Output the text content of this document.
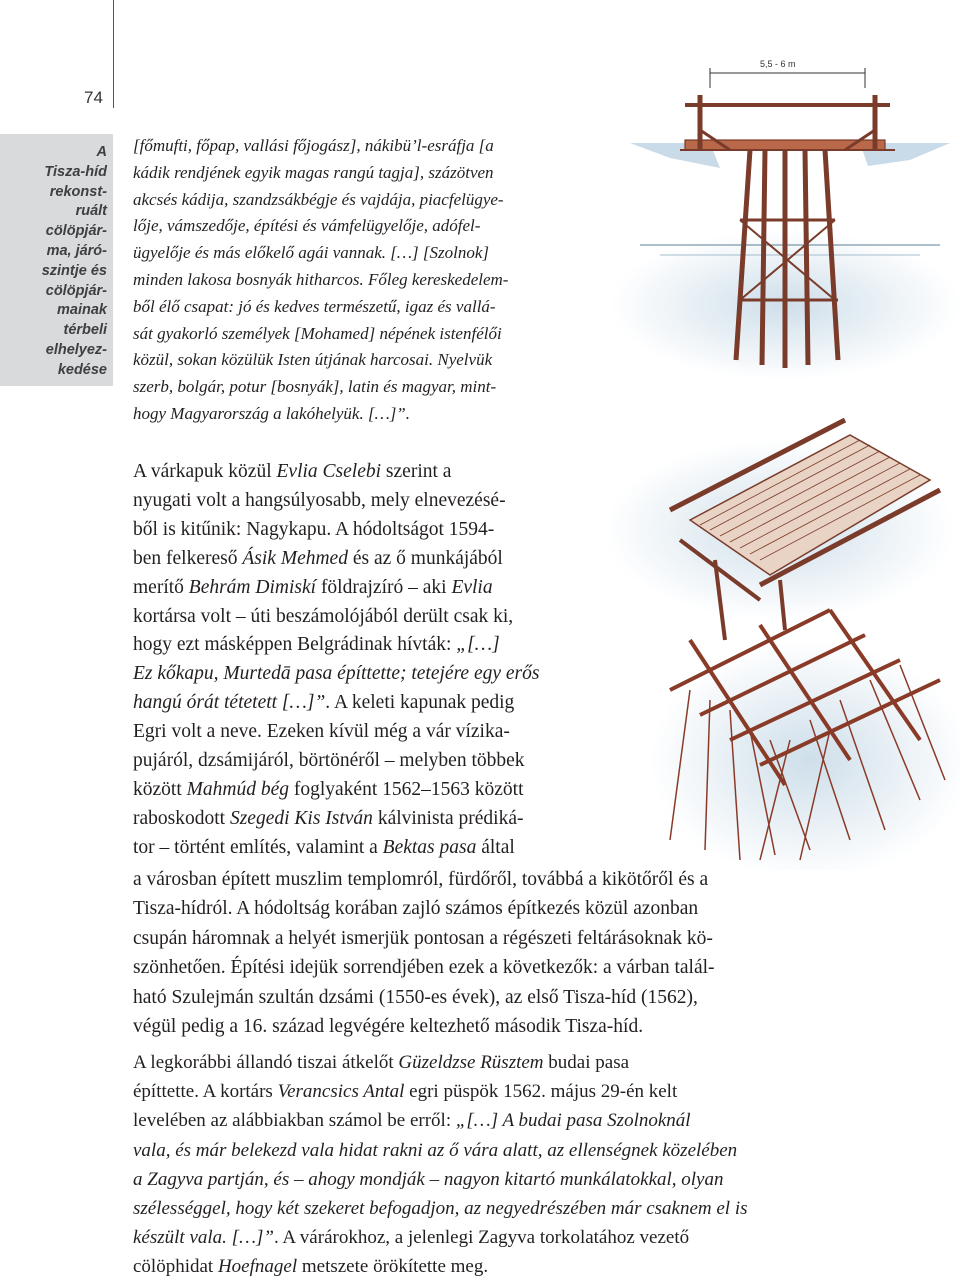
74
A
Tisza-híd
rekonst-
ruált
cölöpjár-
ma, járó-
szintje és
cölöpjár-
mainak
térbeli
elhelyez-
kedése
5,5 - 6 m
[főmufti, főpap, vallási főjogász], nákibü’l-esráfja [a
kádik rendjének egyik magas rangú tagja], százötven
akcsés kádija, szandzsákbégje és vajdája, piacfelügye-
lője, vámszedője, építési és vámfelügyelője, adófel-
ügyelője és más előkelő agái vannak. […] [Szolnok]
minden lakosa bosnyák hitharcos. Főleg kereskedelem-
ből élő csapat: jó és kedves természetű, igaz és vallá-
sát gyakorló személyek [Mohamed] népének istenfélői
közül, sokan közülük Isten útjának harcosai. Nyelvük
szerb, bolgár, potur [bosnyák], latin és magyar, mint-
hogy Magyarország a lakóhelyük. […]”.

A várkapuk közül Evlia Cselebi szerint a
nyugati volt a hangsúlyosabb, mely elnevezésé-
ből is kitűnik: Nagykapu. A hódoltságot 1594-
ben felkereső Ásik Mehmed és az ő munkájából
merítő Behrám Dimiskí földrajzíró – aki Evlia
kortársa volt – úti beszámolójából derült csak ki,
hogy ezt másképpen Belgrádinak hívták: „[…]
Ez kőkapu, Murtedā pasa építtette; tetejére egy erős
hangú órát tétetett […]”. A keleti kapunak pedig
Egri volt a neve. Ezeken kívül még a vár vízika-
pujáról, dzsámijáról, börtönéről – melyben többek
között Mahmúd bég foglyaként 1562–1563 között
raboskodott Szegedi Kis István kálvinista prédiká-
tor – történt említés, valamint a Bektas pasa által

a városban épített muszlim templomról, fürdőről, továbbá a kikötőről és a
Tisza-hídról. A hódoltság korában zajló számos építkezés közül azonban
csupán háromnak a helyét ismerjük pontosan a régészeti feltárásoknak kö-
szönhetően. Építési idejük sorrendjében ezek a következők: a várban talál-
ható Szulejmán szultán dzsámi (1550-es évek), az első Tisza-híd (1562),
végül pedig a 16. század legvégére keltezhető második Tisza-híd.

A legkorábbi állandó tiszai átkelőt Güzeldzse Rüsztem budai pasa
építtette. A kortárs Verancsics Antal egri püspök 1562. május 29-én kelt
levelében az alábbiakban számol be erről: „[…] A budai pasa Szolnoknál
vala, és már belekezd vala hidat rakni az ő vára alatt, az ellenségnek közelében
a Zagyva partján, és – ahogy mondják – nagyon kitartó munkálatokkal, olyan
szélességgel, hogy két szekeret befogadjon, az negyedrészében már csaknem el is
készült vala. […]”. A várárokhoz, a jelenlegi Zagyva torkolatához vezető
cölöphidat Hoefnagel metszete örökítette meg.
